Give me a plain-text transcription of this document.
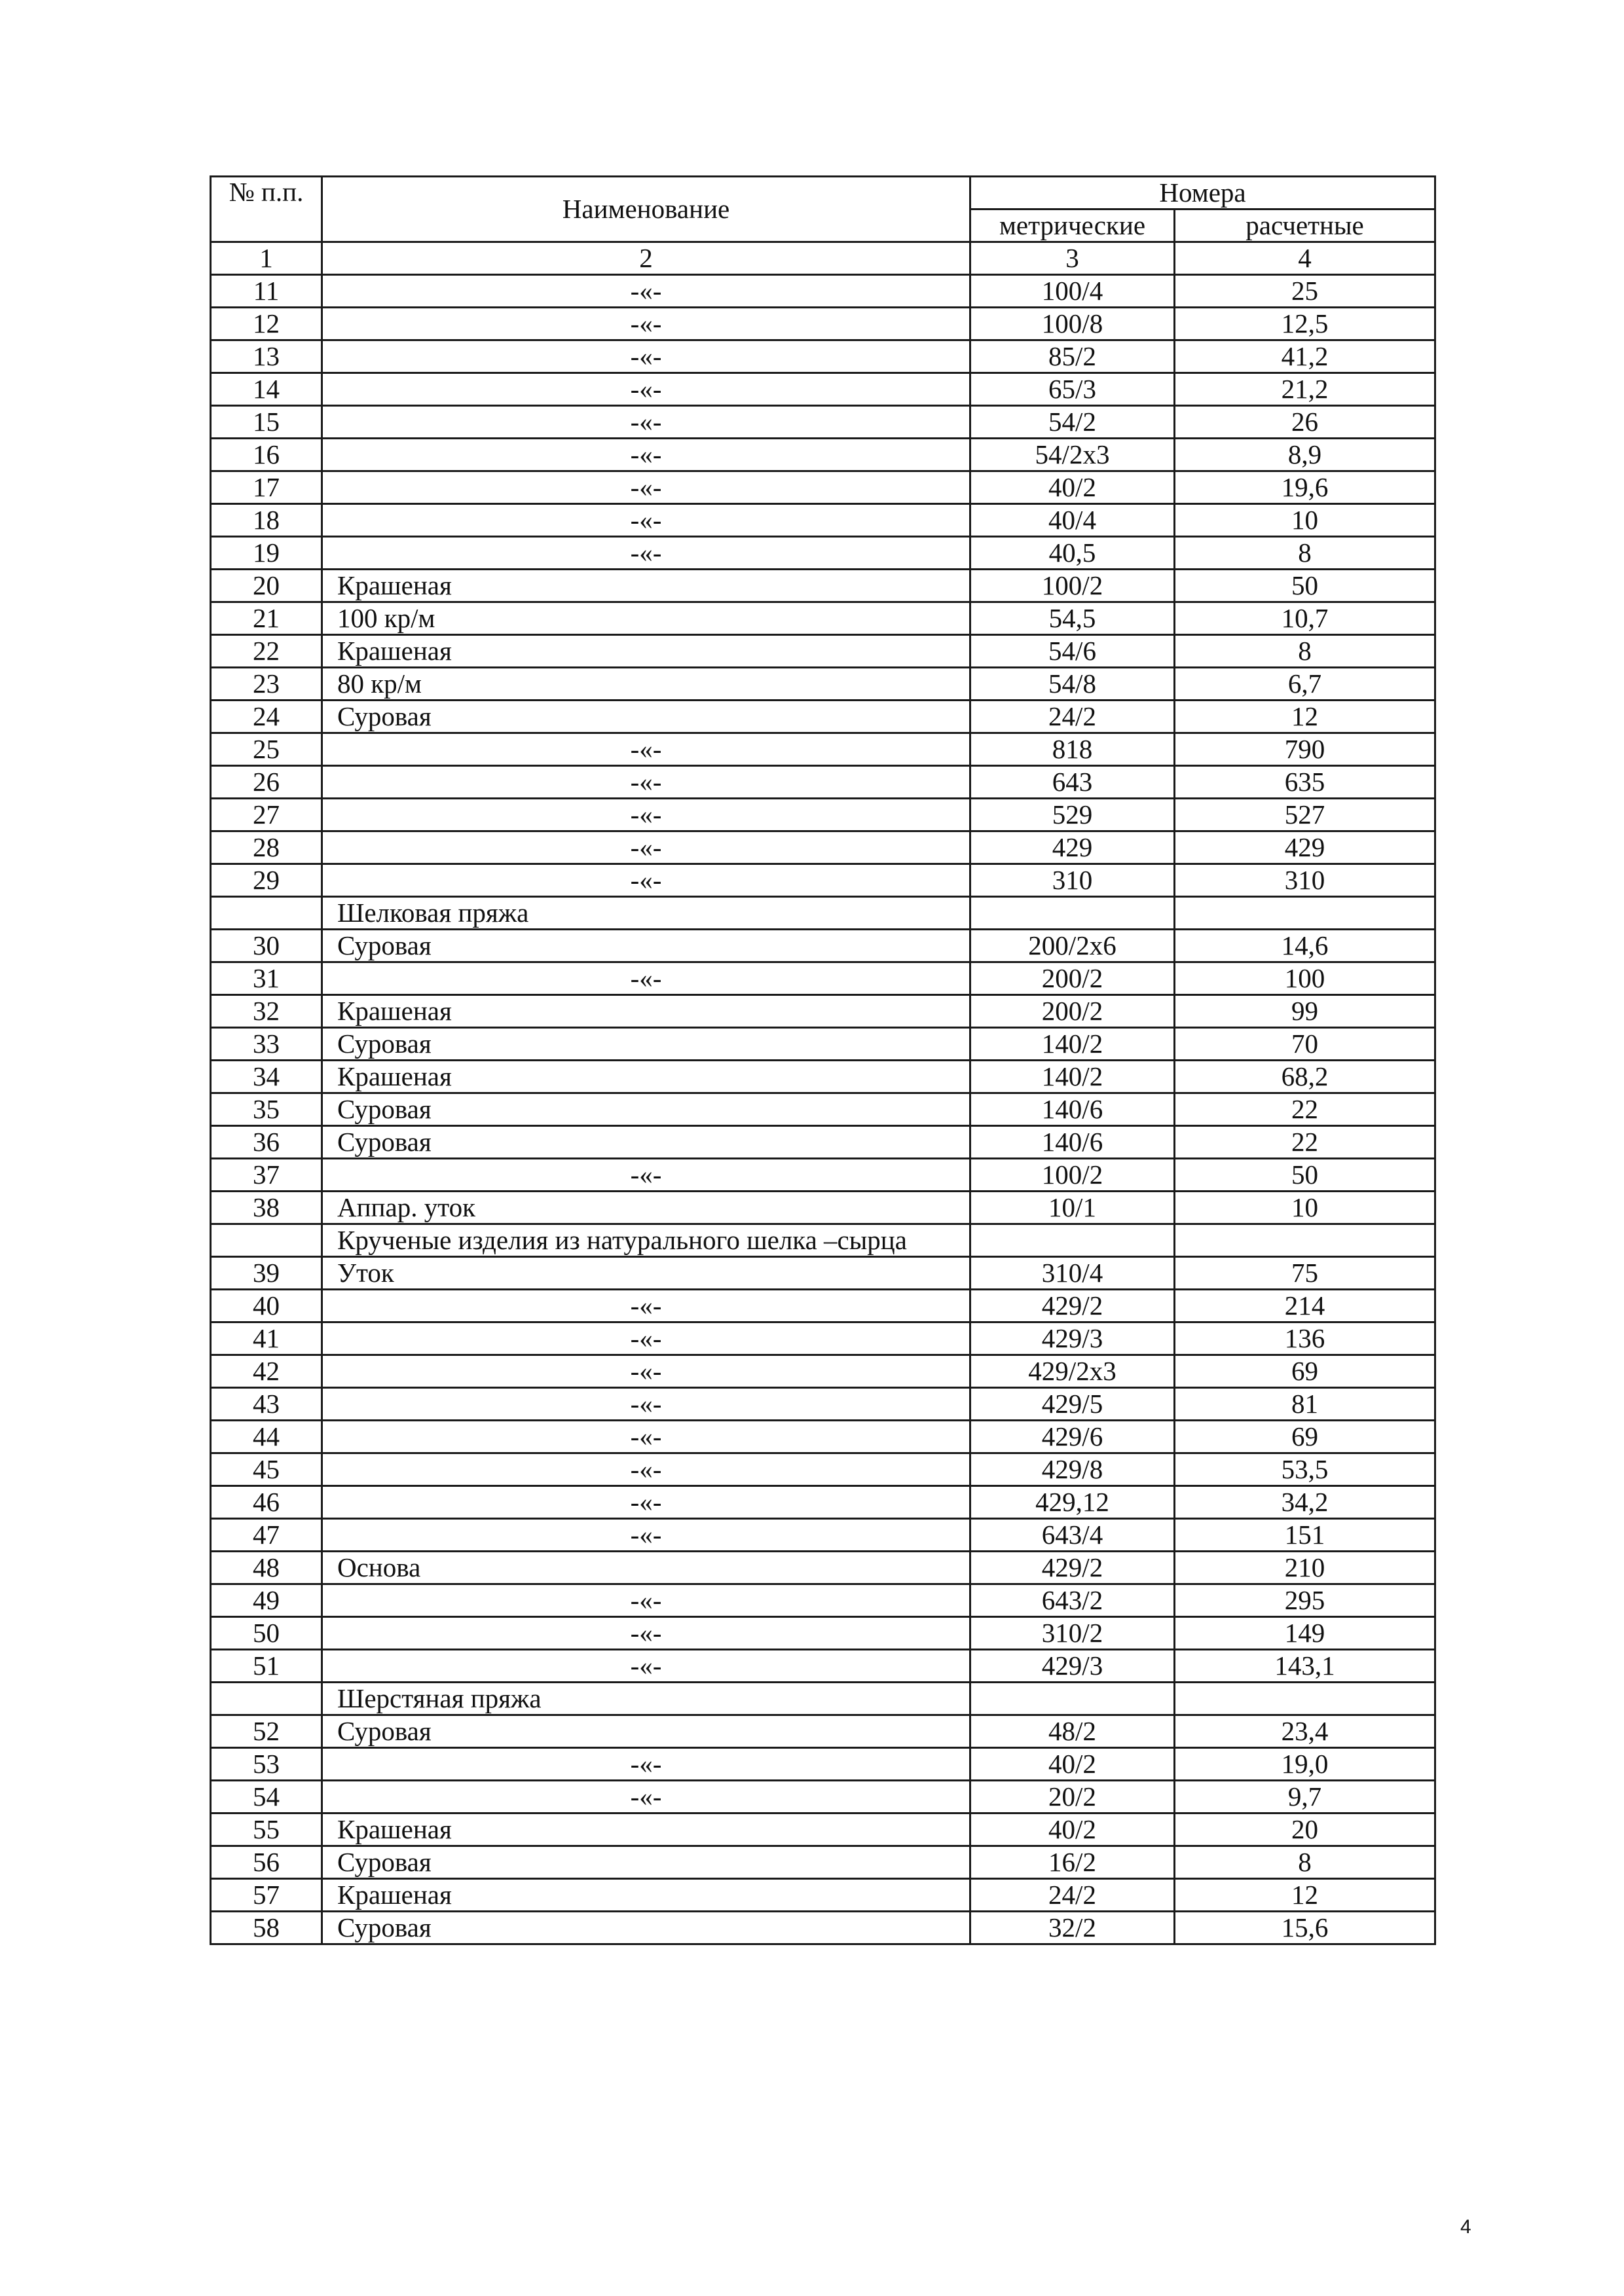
№ п.п.	Наименование	Номера	
		метрические	расчетные
1	2	3	4
11	-«-	100/4	25
12	-«-	100/8	12,5
13	-«-	85/2	41,2
14	-«-	65/3	21,2
15	-«-	54/2	26
16	-«-	54/2x3	8,9
17	-«-	40/2	19,6
18	-«-	40/4	10
19	-«-	40,5	8
20	Крашеная	100/2	50
21	100 кр/м	54,5	10,7
22	Крашеная	54/6	8
23	80 кр/м	54/8	6,7
24	Суровая	24/2	12
25	-«-	818	790
26	-«-	643	635
27	-«-	529	527
28	-«-	429	429
29	-«-	310	310
	Шелковая пряжа		
30	Суровая	200/2x6	14,6
31	-«-	200/2	100
32	Крашеная	200/2	99
33	Суровая	140/2	70
34	Крашеная	140/2	68,2
35	Суровая	140/6	22
36	Суровая	140/6	22
37	-«-	100/2	50
38	Аппар. уток	10/1	10
	Крученые изделия из натурального шелка –сырца		
39	Уток	310/4	75
40	-«-	429/2	214
41	-«-	429/3	136
42	-«-	429/2x3	69
43	-«-	429/5	81
44	-«-	429/6	69
45	-«-	429/8	53,5
46	-«-	429,12	34,2
47	-«-	643/4	151
48	Основа	429/2	210
49	-«-	643/2	295
50	-«-	310/2	149
51	-«-	429/3	143,1
	Шерстяная пряжа		
52	Суровая	48/2	23,4
53	-«-	40/2	19,0
54	-«-	20/2	9,7
55	Крашеная	40/2	20
56	Суровая	16/2	8
57	Крашеная	24/2	12
58	Суровая	32/2	15,6
4
